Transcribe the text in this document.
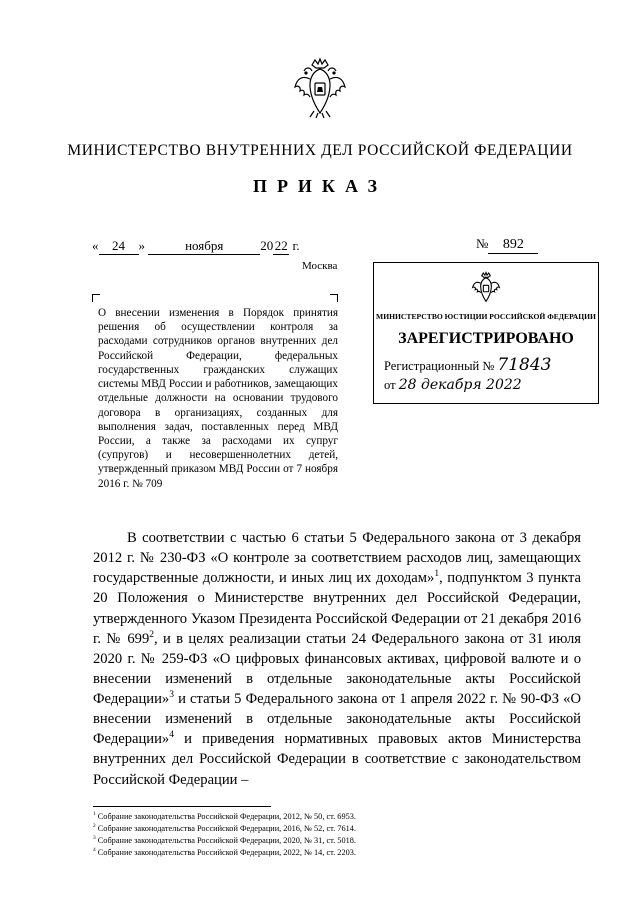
МИНИСТЕРСТВО ВНУТРЕННИХ ДЕЛ РОССИЙСКОЙ ФЕДЕРАЦИИ
ПРИКАЗ
« 24 »	ноября	20 22 г.	№ 892
Москва
О внесении изменения в Порядок принятия решения об осуществлении контроля за расходами сотрудников органов внутренних дел Российской Федерации, федеральных государственных гражданских служащих системы МВД России и работников, замещающих отдельные должности на основании трудового договора в организациях, созданных для выполнения задач, поставленных перед МВД России, а также за расходами их супруг (супругов) и несовершеннолетних детей, утвержденный приказом МВД России от 7 ноября 2016 г. № 709
МИНИСТЕРСТВО ЮСТИЦИИ РОССИЙСКОЙ ФЕДЕРАЦИИ
ЗАРЕГИСТРИРОВАНО
Регистрационный № 71843
от 28 декабря 2022
В соответствии с частью 6 статьи 5 Федерального закона от 3 декабря 2012 г. № 230-ФЗ «О контроле за соответствием расходов лиц, замещающих государственные должности, и иных лиц их доходам»$^1$, подпунктом 3 пункта 20 Положения о Министерстве внутренних дел Российской Федерации, утвержденного Указом Президента Российской Федерации от 21 декабря 2016 г. № $699^2$, и в целях реализации статьи 24 Федерального закона от 31 июля 2020 г. № 259-ФЗ «О цифровых финансовых активах, цифровой валюте и о внесении изменений в отдельные законодательные акты Российской Федерации»$^3$ и статьи 5 Федерального закона от 1 апреля 2022 г. № 90-ФЗ «О внесении изменений в отдельные законодательные акты Российской Федерации»$^4$ и приведения нормативных правовых актов Министерства внутренних дел Российской Федерации в соответствие с законодательством Российской Федерации –
$^1$ Собрание законодательства Российской Федерации, 2012, № 50, ст. 6953.
$^2$ Собрание законодательства Российской Федерации, 2016, № 52, ст. 7614.
$^3$ Собрание законодательства Российской Федерации, 2020, № 31, ст. 5018.
$^4$ Собрание законодательства Российской Федерации, 2022, № 14, ст. 2203.
